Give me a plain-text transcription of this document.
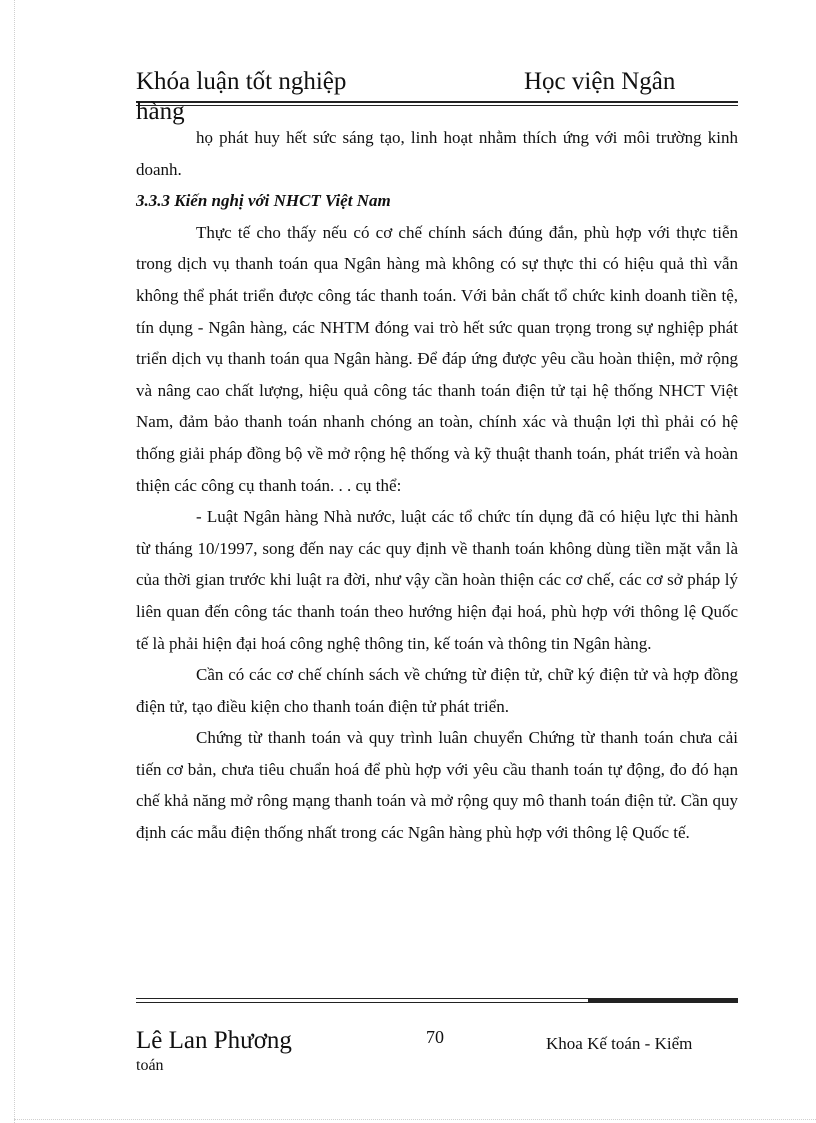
Khóa luận tốt nghiệp	Học viện Ngân
hàng

họ phát huy hết sức sáng tạo, linh hoạt nhằm thích ứng với môi trường kinh doanh.

3.3.3 Kiến nghị với NHCT Việt Nam

Thực tế cho thấy nếu có cơ chế chính sách đúng đắn, phù hợp với thực tiễn trong dịch vụ thanh toán qua Ngân hàng mà không có sự thực thi có hiệu quả thì vẫn không thể phát triển được công tác thanh toán. Với bản chất tổ chức kinh doanh tiền tệ, tín dụng - Ngân hàng, các NHTM đóng vai trò hết sức quan trọng trong sự nghiệp phát triển dịch vụ thanh toán qua Ngân hàng. Để đáp ứng được yêu cầu hoàn thiện, mở rộng và nâng cao chất lượng, hiệu quả công tác thanh toán điện tử tại hệ thống NHCT Việt Nam, đảm bảo thanh toán nhanh chóng an toàn, chính xác và thuận lợi thì phải có hệ thống giải pháp đồng bộ về mở rộng hệ thống và kỹ thuật thanh toán, phát triển và hoàn thiện các công cụ thanh toán. . . cụ thể:

- Luật Ngân hàng Nhà nước, luật các tổ chức tín dụng đã có hiệu lực thi hành từ tháng 10/1997, song đến nay các quy định về thanh toán không dùng tiền mặt vẫn là của thời gian trước khi luật ra đời, như vậy cần hoàn thiện các cơ chế, các cơ sở pháp lý liên quan đến công tác thanh toán theo hướng hiện đại hoá, phù hợp với thông lệ Quốc tế là phải hiện đại hoá công nghệ thông tin, kế toán và thông tin Ngân hàng.

Cần có các cơ chế chính sách về chứng từ điện tử, chữ ký điện tử và hợp đồng điện tử, tạo điều kiện cho thanh toán điện tử phát triển.

Chứng từ thanh toán và quy trình luân chuyển Chứng từ thanh toán chưa cải tiến cơ bản, chưa tiêu chuẩn hoá để phù hợp với yêu cầu thanh toán tự động, đo đó hạn chế khả năng mở rông mạng thanh toán và mở rộng quy mô thanh toán điện tử. Cần quy định các mẫu điện thống nhất trong các Ngân hàng phù hợp với thông lệ Quốc tế.

Lê Lan Phương	70	Khoa Kế toán - Kiểm
toán
